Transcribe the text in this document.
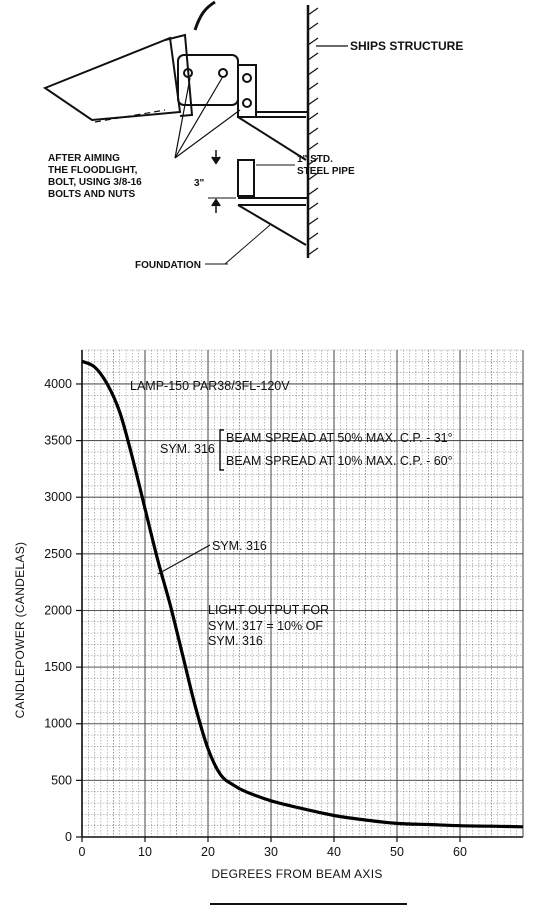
SHIPS STRUCTURE
AFTER AIMING
THE FLOODLIGHT,
BOLT, USING 3/8-16
BOLTS AND NUTS
1" STD.
STEEL PIPE
3"
FOUNDATION
0	10	20	30	40	50	60
0
500
1000
1500
2000
2500
3000
3500
4000	LAMP-150 PAR38/3FL-120V
SYM. 316
BEAM SPREAD AT 50% MAX. C.P. - 31°
BEAM SPREAD AT 10% MAX. C.P. - 60°
SYM. 316
LIGHT OUTPUT FOR
SYM. 317 = 10% OF
SYM. 316
DEGREES FROM BEAM AXIS
CANDLEPOWER (CANDELAS)
